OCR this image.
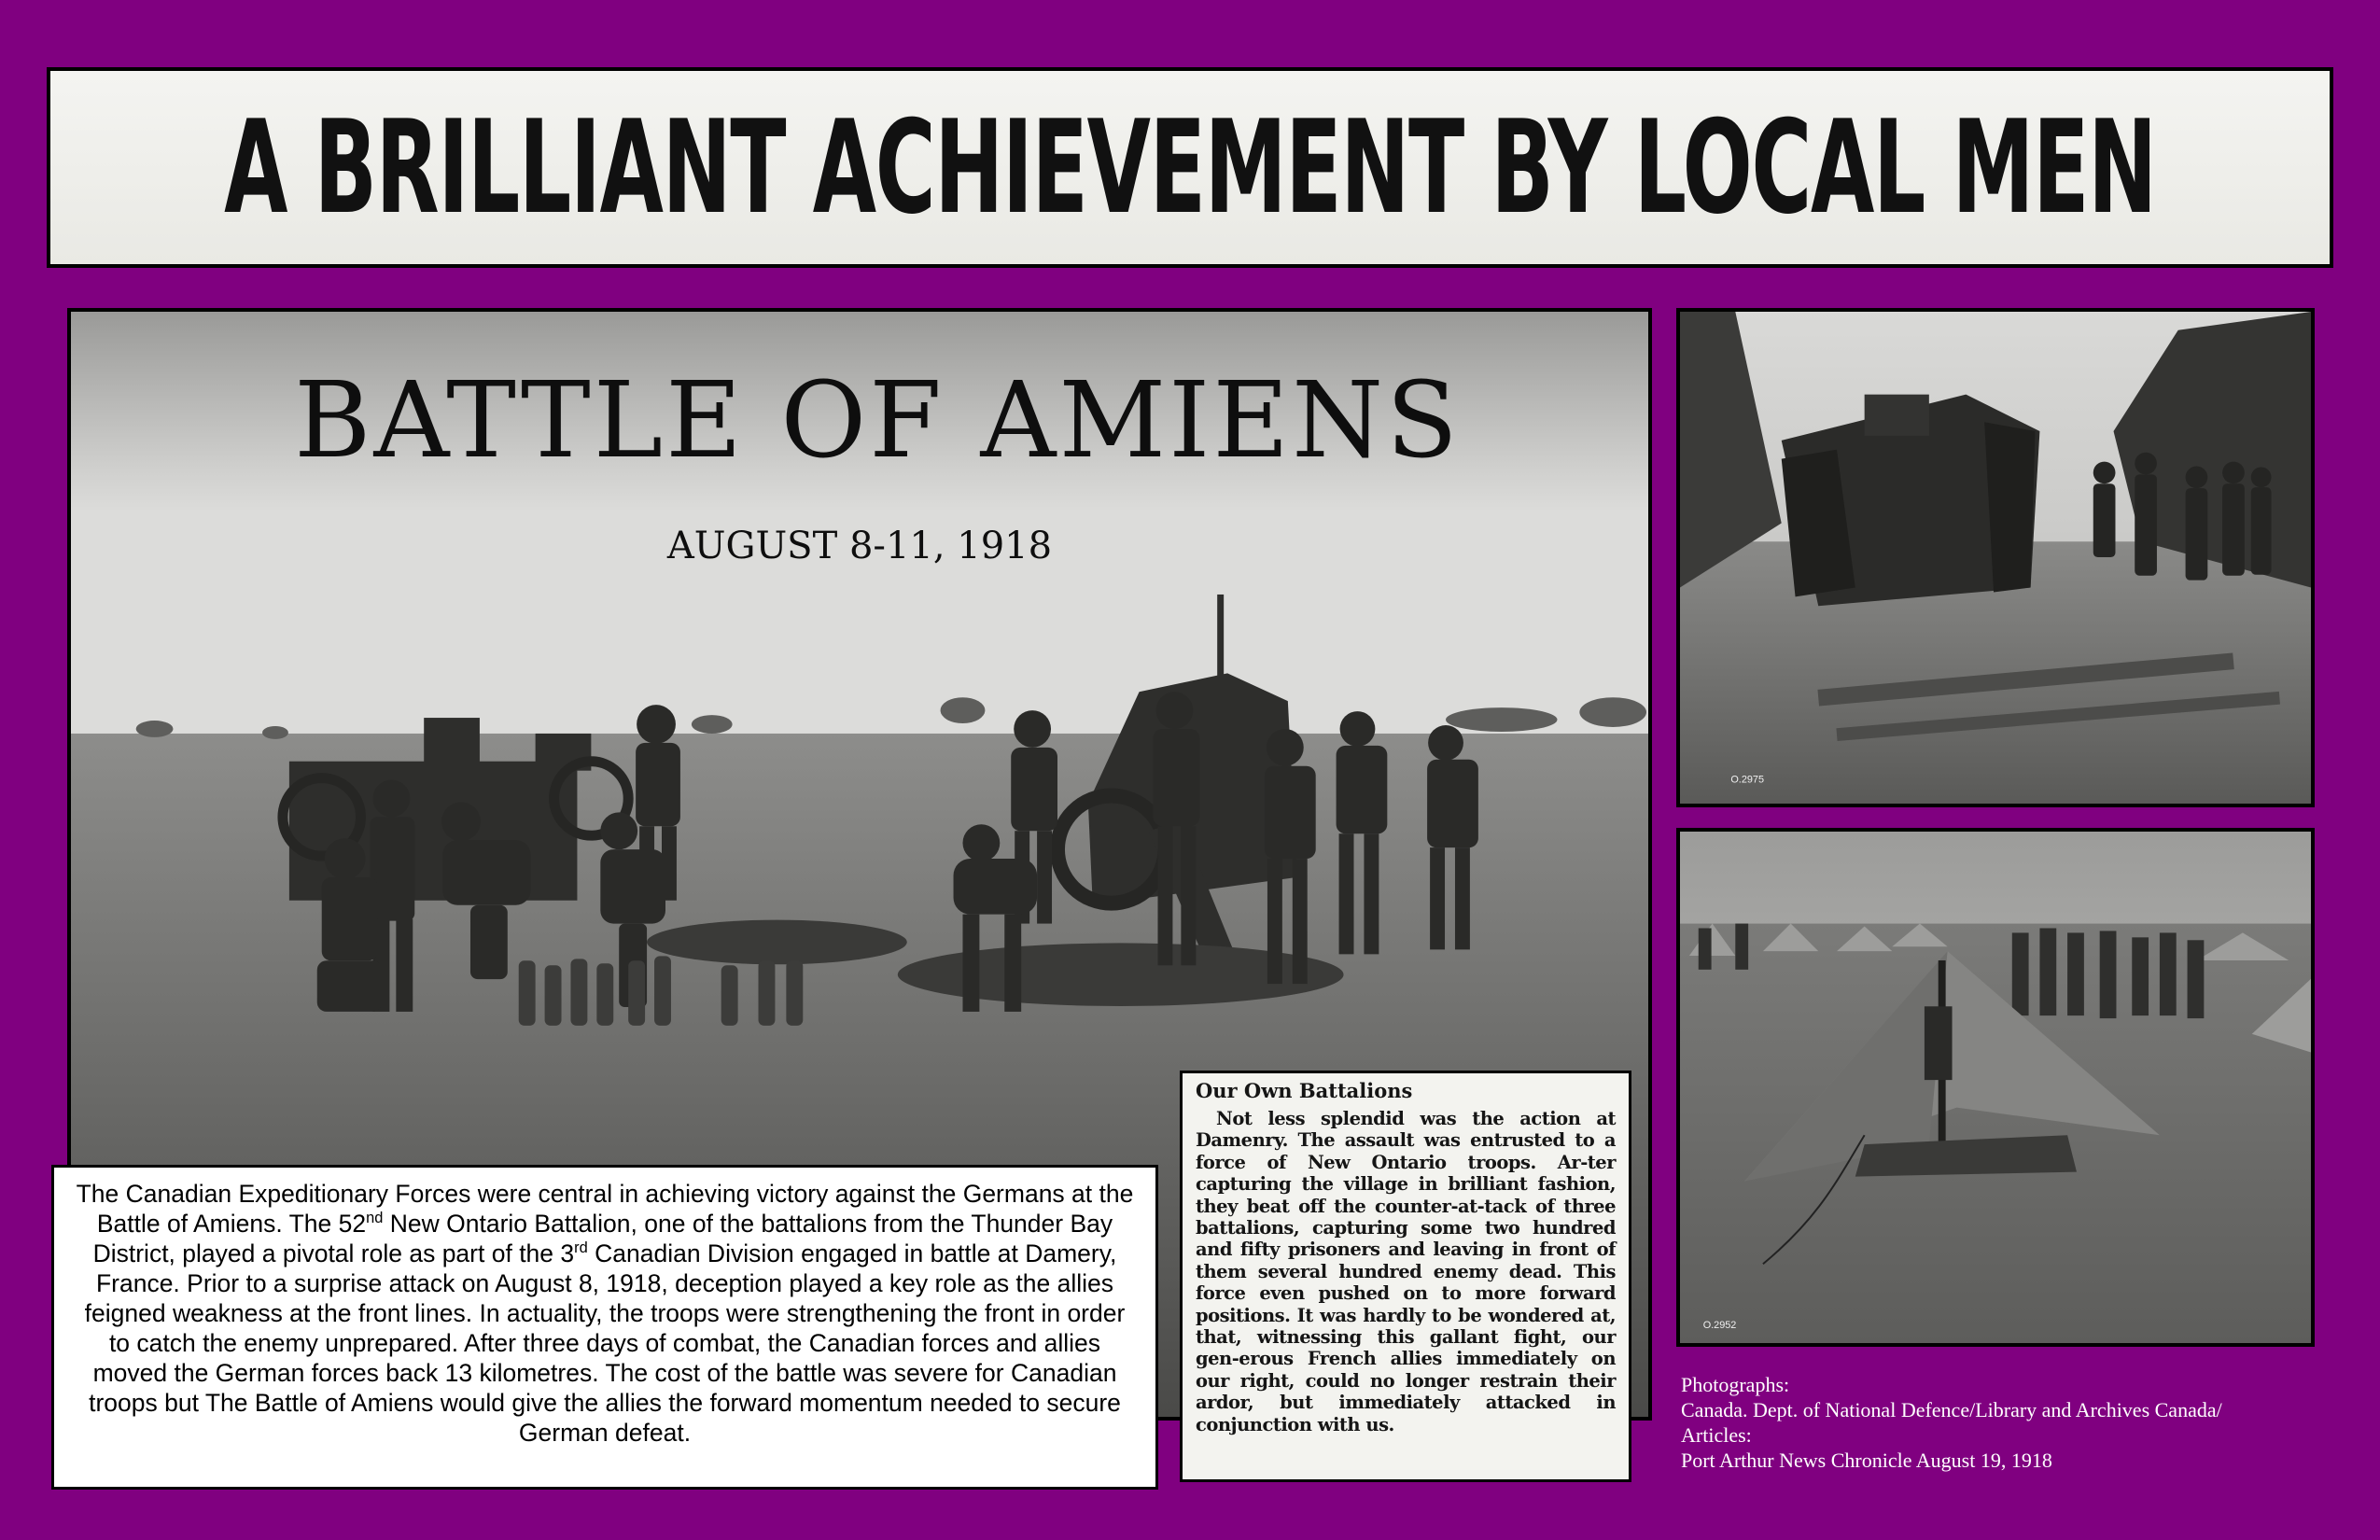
A BRILLIANT ACHIEVEMENT BY LOCAL MEN
BATTLE OF AMIENS
AUGUST 8-11, 1918
O.2975
O.2952
The Canadian Expeditionary Forces were central in achieving victory against the Germans at the Battle of Amiens. The 52nd New Ontario Battalion, one of the battalions from the Thunder Bay District, played a pivotal role as part of the 3rd Canadian Division engaged in battle at Damery, France. Prior to a surprise attack on August 8, 1918, deception played a key role as the allies feigned weakness at the front lines. In actuality, the troops were strengthening the front in order to catch the enemy unprepared. After three days of combat, the Canadian forces and allies moved the German forces back 13 kilometres. The cost of the battle was severe for Canadian troops but The Battle of Amiens would give the allies the forward momentum needed to secure German defeat.
Our Own Battalions
Not less splendid was the action at Damenry. The assault was entrusted to a force of New Ontario troops. Ar-ter capturing the village in brilliant fashion, they beat off the counter-at-tack of three battalions, capturing some two hundred and fifty prisoners and leaving in front of them several hundred enemy dead. This force even pushed on to more forward positions. It was hardly to be wondered at, that, witnessing this gallant fight, our gen-erous French allies immediately on our right, could no longer restrain their ardor, but immediately attacked in conjunction with us.
Photographs:
Canada. Dept. of National Defence/Library and Archives Canada/
Articles:
Port Arthur News Chronicle August 19, 1918
